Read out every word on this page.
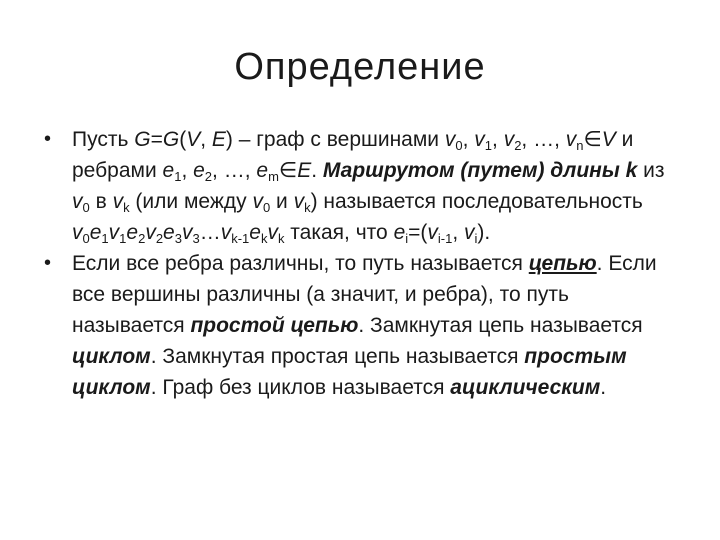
Определение
• Пусть G=G(V, E) – граф с вершинами $v_0$, $v_1$, $v_2$, …, $v_n\in V$ и ребрами $e_1$, $e_2$, …, $e_m\in E$. Маршрутом (путем) длины k из $v_0$ в $v_k$ (или между $v_0$ и $v_k$) называется последовательность $v_0e_1v_1e_2v_2e_3v_3\dots v_{k-1}e_kv_k$ такая, что $e_i=(v_{i-1}$, $v_i$).
• Если все ребра различны, то путь называется цепью. Если все вершины различны (а значит, и ребра), то путь называется простой цепью. Замкнутая цепь называется циклом. Замкнутая простая цепь называется простым циклом. Граф без циклов называется ациклическим.
